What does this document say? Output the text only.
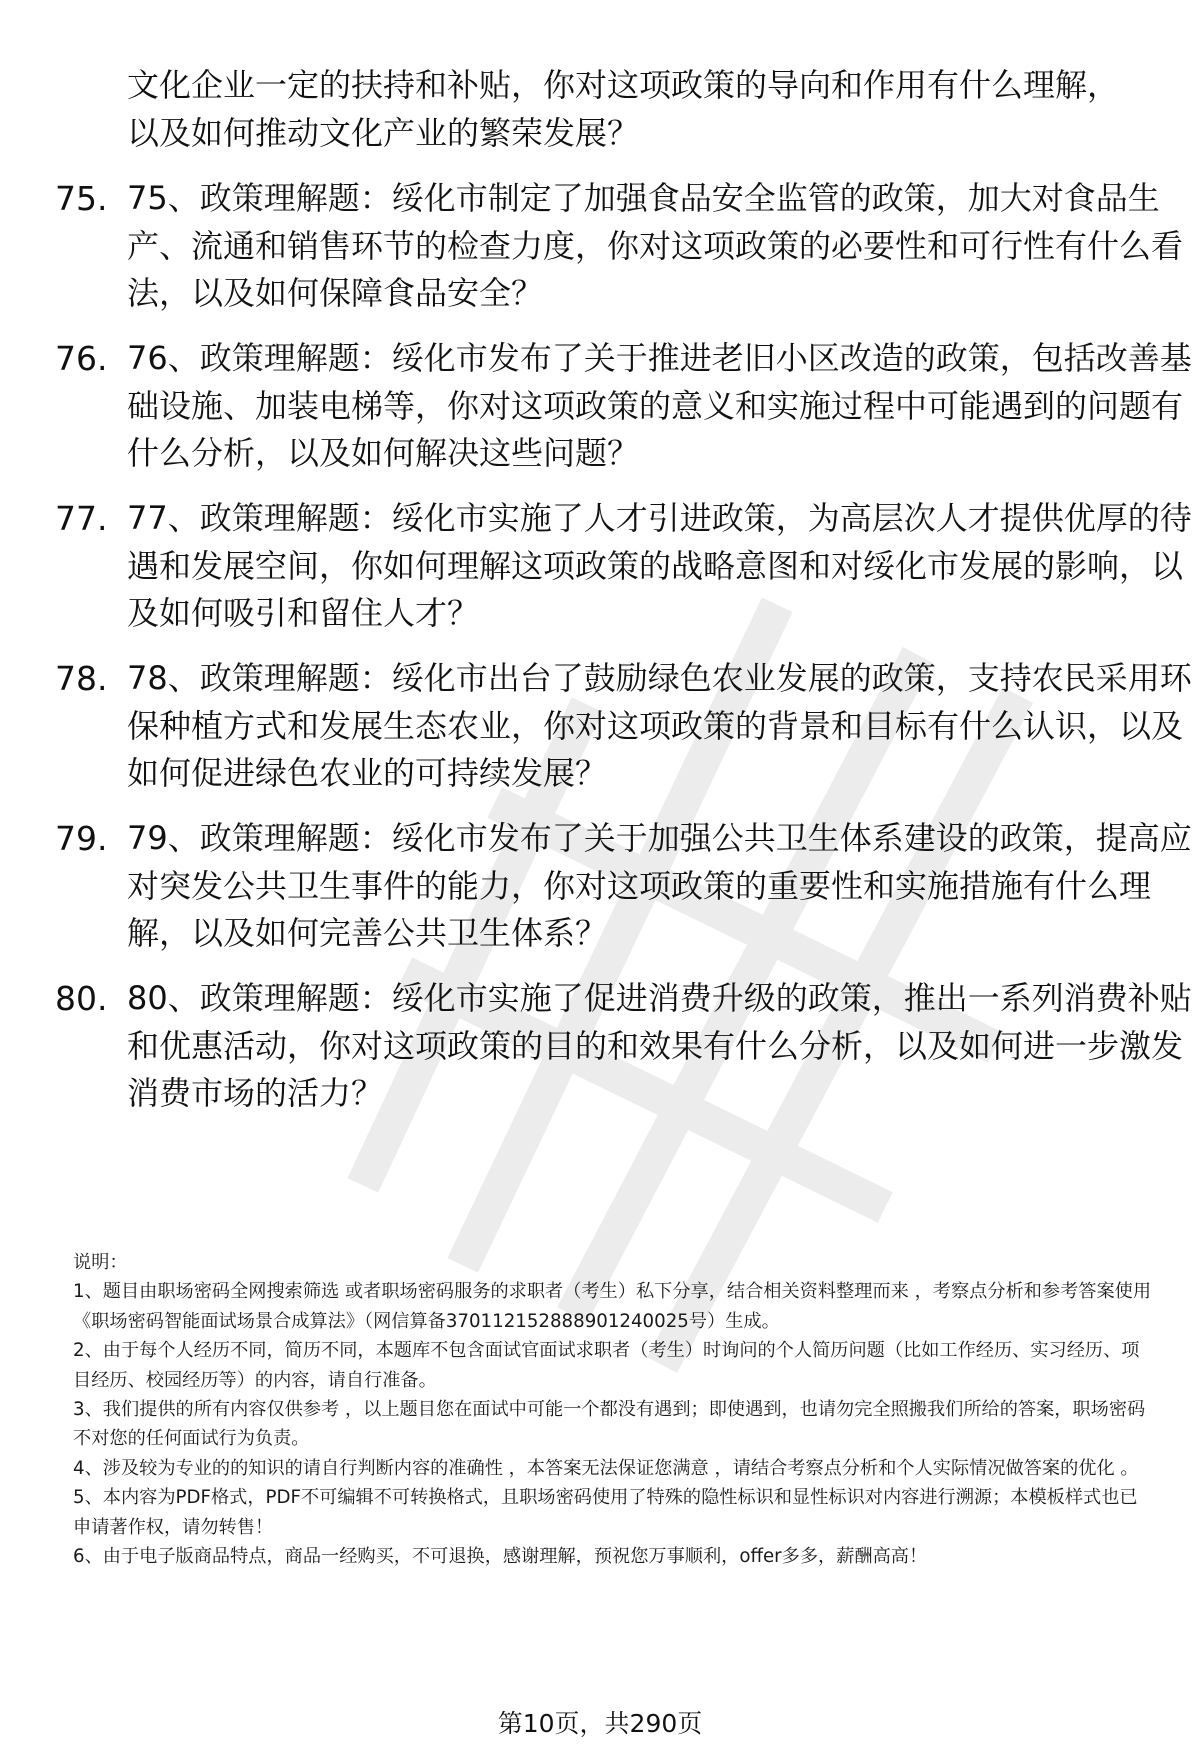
文化企业一定的扶持和补贴，你对这项政策的导向和作用有什么理解，以及如何推动文化产业的繁荣发展？
75. 75、政策理解题：绥化市制定了加强食品安全监管的政策，加大对食品生产、流通和销售环节的检查力度，你对这项政策的必要性和可行性有什么看法，以及如何保障食品安全？
76. 76、政策理解题：绥化市发布了关于推进老旧小区改造的政策，包括改善基础设施、加装电梯等，你对这项政策的意义和实施过程中可能遇到的问题有什么分析，以及如何解决这些问题？
77. 77、政策理解题：绥化市实施了人才引进政策，为高层次人才提供优厚的待遇和发展空间，你如何理解这项政策的战略意图和对绥化市发展的影响，以及如何吸引和留住人才？
78. 78、政策理解题：绥化市出台了鼓励绿色农业发展的政策，支持农民采用环保种植方式和发展生态农业，你对这项政策的背景和目标有什么认识，以及如何促进绿色农业的可持续发展？
79. 79、政策理解题：绥化市发布了关于加强公共卫生体系建设的政策，提高应对突发公共卫生事件的能力，你对这项政策的重要性和实施措施有什么理解，以及如何完善公共卫生体系？
80. 80、政策理解题：绥化市实施了促进消费升级的政策，推出一系列消费补贴和优惠活动，你对这项政策的目的和效果有什么分析，以及如何进一步激发消费市场的活力？

说明：

1、题目由职场密码全网搜索筛选 或者职场密码服务的求职者（考生）私下分享，结合相关资料整理而来 ，考察点分析和参考答案使用《职场密码智能面试场景合成算法》（网信算备370112152888901240025号）生成。

2、由于每个人经历不同，简历不同，本题库不包含面试官面试求职者（考生）时询问的个人简历问题（比如工作经历、实习经历、项目经历、校园经历等）的内容，请自行准备。

3、我们提供的所有内容仅供参考 ，以上题目您在面试中可能一个都没有遇到；即使遇到，也请勿完全照搬我们所给的答案，职场密码不对您的任何面试行为负责。

4、涉及较为专业的的知识的请自行判断内容的准确性 ，本答案无法保证您满意 ，请结合考察点分析和个人实际情况做答案的优化 。

5、本内容为PDF格式，PDF不可编辑不可转换格式，且职场密码使用了特殊的隐性标识和显性标识对内容进行溯源；本模板样式也已申请著作权，请勿转售！

6、由于电子版商品特点，商品一经购买，不可退换，感谢理解，预祝您万事顺利，offer多多，薪酬高高！

第10页，共290页
